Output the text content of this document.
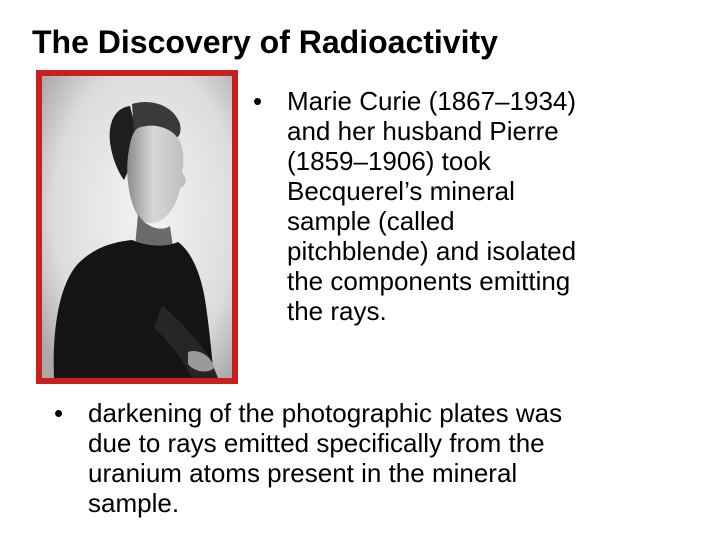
The Discovery of Radioactivity
• Marie Curie (1867–1934)
and her husband Pierre
(1859–1906) took
Becquerel’s mineral
sample (called
pitchblende) and isolated
the components emitting
the rays.
• darkening of the photographic plates was
due to rays emitted specifically from the
uranium atoms present in the mineral
sample.
